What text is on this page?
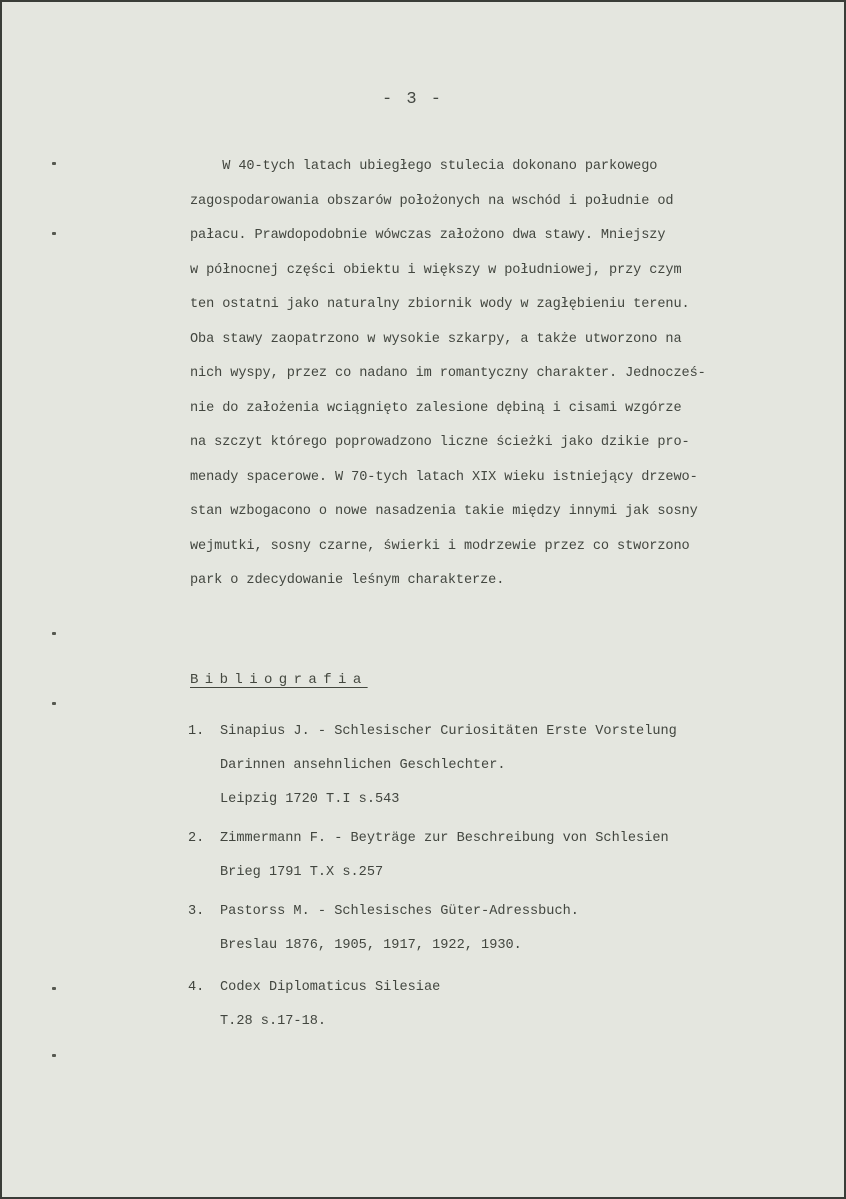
- 3 -
W 40-tych latach ubiegłego stulecia dokonano parkowego
zagospodarowania obszarów położonych na wschód i południe od
pałacu. Prawdopodobnie wówczas założono dwa stawy. Mniejszy
w północnej części obiektu i większy w południowej, przy czym
ten ostatni jako naturalny zbiornik wody w zagłębieniu terenu.
Oba stawy zaopatrzono w wysokie szkarpy, a także utworzono na
nich wyspy, przez co nadano im romantyczny charakter. Jednocześ-
nie do założenia wciągnięto zalesione dębiną i cisami wzgórze
na szczyt którego poprowadzono liczne ścieżki jako dzikie pro-
menady spacerowe. W 70-tych latach XIX wieku istniejący drzewo-
stan wzbogacono o nowe nasadzenia takie między innymi jak sosny
wejmutki, sosny czarne, świerki i modrzewie przez co stworzono
park o zdecydowanie leśnym charakterze.
Bibliografia
1.	Sinapius J. - Schlesischer Curiositäten Erste Vorstelung
Darinnen ansehnlichen Geschlechter.
Leipzig 1720 T.I s.543
2.	Zimmermann F. - Beyträge zur Beschreibung von Schlesien
Brieg 1791 T.X s.257
3.	Pastorss M. - Schlesisches Güter-Adressbuch.
Breslau 1876, 1905, 1917, 1922, 1930.
4.	Codex Diplomaticus Silesiae
T.28 s.17-18.
